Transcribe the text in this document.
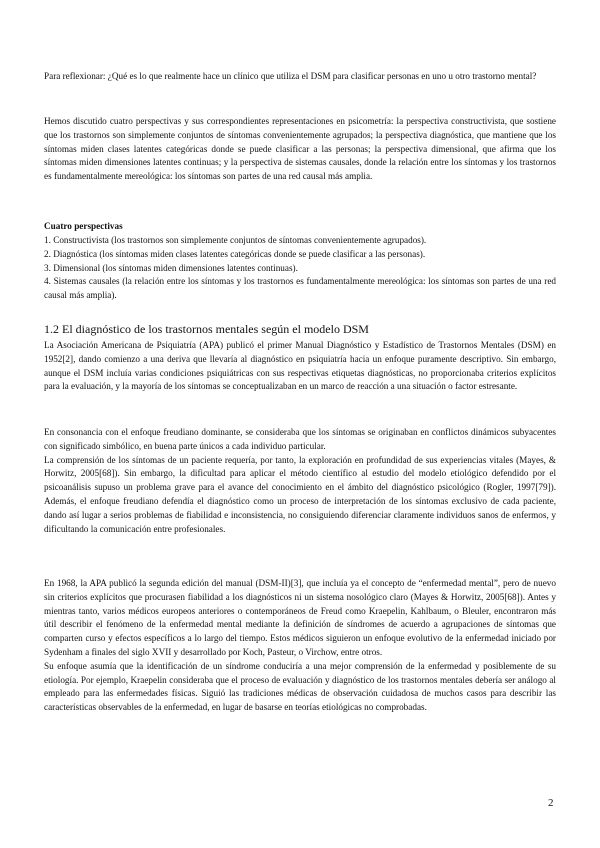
Para reflexionar: ¿Qué es lo que realmente hace un clínico que utiliza el DSM para clasificar personas en uno u otro trastorno mental?

Hemos discutido cuatro perspectivas y sus correspondientes representaciones en psicometría: la perspectiva constructivista, que sostiene que los trastornos son simplemente conjuntos de síntomas convenientemente agrupados; la perspectiva diagnóstica, que mantiene que los síntomas miden clases latentes categóricas donde se puede clasificar a las personas; la perspectiva dimensional, que afirma que los síntomas miden dimensiones latentes continuas; y la perspectiva de sistemas causales, donde la relación entre los síntomas y los trastornos es fundamentalmente mereológica: los síntomas son partes de una red causal más amplia.

Cuatro perspectivas
1. Constructivista (los trastornos son simplemente conjuntos de síntomas convenientemente agrupados).
2. Diagnóstica (los síntomas miden clases latentes categóricas donde se puede clasificar a las personas).
3. Dimensional (los síntomas miden dimensiones latentes continuas).
4. Sistemas causales (la relación entre los síntomas y los trastornos es fundamentalmente mereológica: los síntomas son partes de una red causal más amplia).
1.2 El diagnóstico de los trastornos mentales según el modelo DSM

La Asociación Americana de Psiquiatría (APA) publicó el primer Manual Diagnóstico y Estadístico de Trastornos Mentales (DSM) en 1952[2], dando comienzo a una deriva que llevaría al diagnóstico en psiquiatría hacia un enfoque puramente descriptivo. Sin embargo, aunque el DSM incluía varias condiciones psiquiátricas con sus respectivas etiquetas diagnósticas, no proporcionaba criterios explícitos para la evaluación, y la mayoría de los síntomas se conceptualizaban en un marco de reacción a una situación o factor estresante.

En consonancia con el enfoque freudiano dominante, se consideraba que los síntomas se originaban en conflictos dinámicos subyacentes con significado simbólico, en buena parte únicos a cada individuo particular.

La comprensión de los síntomas de un paciente requería, por tanto, la exploración en profundidad de sus experiencias vitales (Mayes, & Horwitz, 2005[68]). Sin embargo, la dificultad para aplicar el método científico al estudio del modelo etiológico defendido por el psicoanálisis supuso un problema grave para el avance del conocimiento en el ámbito del diagnóstico psicológico (Rogler, 1997[79]). Además, el enfoque freudiano defendía el diagnóstico como un proceso de interpretación de los síntomas exclusivo de cada paciente, dando así lugar a serios problemas de fiabilidad e inconsistencia, no consiguiendo diferenciar claramente individuos sanos de enfermos, y dificultando la comunicación entre profesionales.

En 1968, la APA publicó la segunda edición del manual (DSM-II)[3], que incluía ya el concepto de “enfermedad mental”, pero de nuevo sin criterios explícitos que procurasen fiabilidad a los diagnósticos ni un sistema nosológico claro (Mayes & Horwitz, 2005[68]). Antes y mientras tanto, varios médicos europeos anteriores o contemporáneos de Freud como Kraepelin, Kahlbaum, o Bleuler, encontraron más útil describir el fenómeno de la enfermedad mental mediante la definición de síndromes de acuerdo a agrupaciones de síntomas que comparten curso y efectos específicos a lo largo del tiempo. Estos médicos siguieron un enfoque evolutivo de la enfermedad iniciado por Sydenham a finales del siglo XVII y desarrollado por Koch, Pasteur, o Virchow, entre otros.

Su enfoque asumía que la identificación de un síndrome conduciría a una mejor comprensión de la enfermedad y posiblemente de su etiología. Por ejemplo, Kraepelin consideraba que el proceso de evaluación y diagnóstico de los trastornos mentales debería ser análogo al empleado para las enfermedades físicas. Siguió las tradiciones médicas de observación cuidadosa de muchos casos para describir las características observables de la enfermedad, en lugar de basarse en teorías etiológicas no comprobadas.

2
